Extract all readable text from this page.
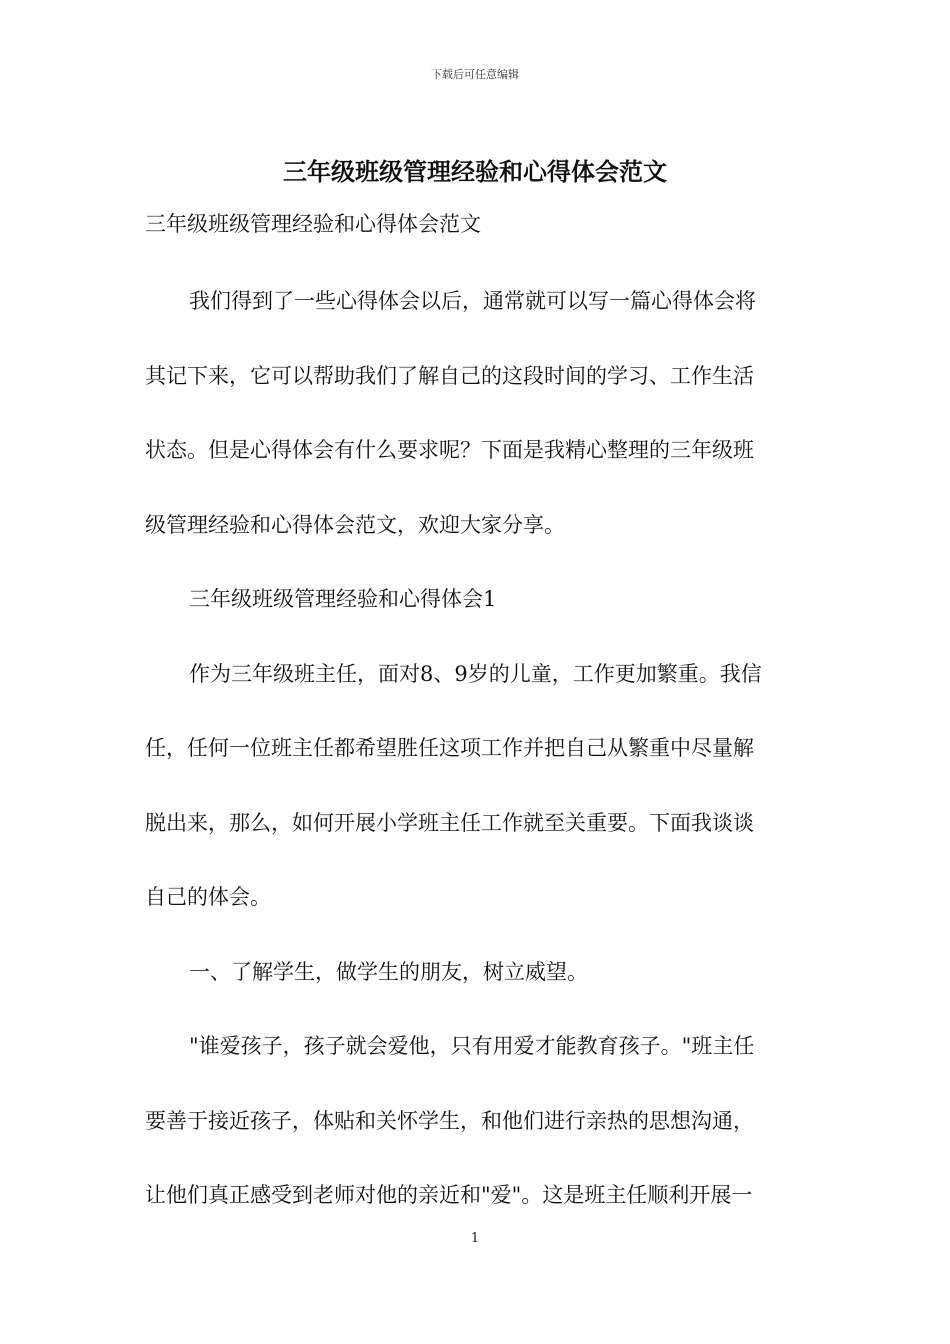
下载后可任意编辑
三年级班级管理经验和心得体会范文
三年级班级管理经验和心得体会范文
我们得到了一些心得体会以后，通常就可以写一篇心得体会将
其记下来，它可以帮助我们了解自己的这段时间的学习、工作生活
状态。但是心得体会有什么要求呢？下面是我精心整理的三年级班
级管理经验和心得体会范文，欢迎大家分享。
三年级班级管理经验和心得体会1
作为三年级班主任，面对8、9岁的儿童，工作更加繁重。我信
任，任何一位班主任都希望胜任这项工作并把自己从繁重中尽量解
脱出来，那么，如何开展小学班主任工作就至关重要。下面我谈谈
自己的体会。
一、了解学生，做学生的朋友，树立威望。
"谁爱孩子，孩子就会爱他，只有用爱才能教育孩子。"班主任
要善于接近孩子，体贴和关怀学生，和他们进行亲热的思想沟通，
让他们真正感受到老师对他的亲近和"爱"。这是班主任顺利开展一
1
